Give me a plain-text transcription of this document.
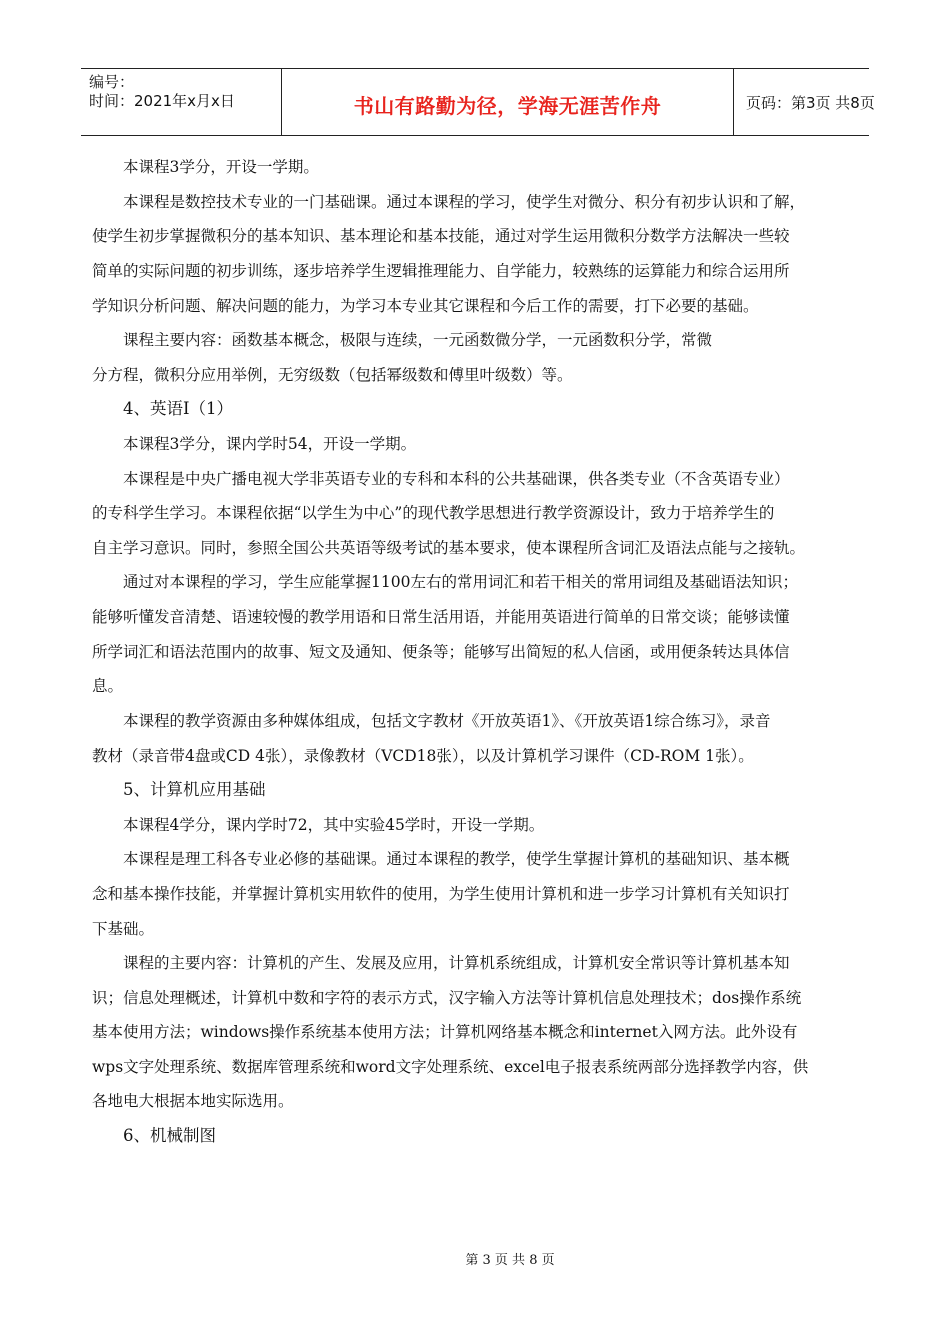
编号：
时间：2021年x月x日	书山有路勤为径，学海无涯苦作舟	页码：第3页 共8页
本课程3学分，开设一学期。
本课程是数控技术专业的一门基础课。通过本课程的学习，使学生对微分、积分有初步认识和了解，
使学生初步掌握微积分的基本知识、基本理论和基本技能，通过对学生运用微积分数学方法解决一些较
简单的实际问题的初步训练，逐步培养学生逻辑推理能力、自学能力，较熟练的运算能力和综合运用所
学知识分析问题、解决问题的能力，为学习本专业其它课程和今后工作的需要，打下必要的基础。
课程主要内容：函数基本概念，极限与连续，一元函数微分学，一元函数积分学，常微
分方程，微积分应用举例，无穷级数（包括幂级数和傅里叶级数）等。
4、英语Ⅰ（1）
本课程3学分，课内学时54，开设一学期。
本课程是中央广播电视大学非英语专业的专科和本科的公共基础课，供各类专业（不含英语专业）
的专科学生学习。本课程依据“以学生为中心”的现代教学思想进行教学资源设计，致力于培养学生的
自主学习意识。同时，参照全国公共英语等级考试的基本要求，使本课程所含词汇及语法点能与之接轨。
通过对本课程的学习，学生应能掌握1100左右的常用词汇和若干相关的常用词组及基础语法知识；
能够听懂发音清楚、语速较慢的教学用语和日常生活用语，并能用英语进行简单的日常交谈；能够读懂
所学词汇和语法范围内的故事、短文及通知、便条等；能够写出简短的私人信函，或用便条转达具体信
息。
本课程的教学资源由多种媒体组成，包括文字教材《开放英语1》、《开放英语1综合练习》，录音
教材（录音带4盘或CD 4张），录像教材（VCD18张），以及计算机学习课件（CD-ROM 1张）。
5、计算机应用基础
本课程4学分，课内学时72，其中实验45学时，开设一学期。
本课程是理工科各专业必修的基础课。通过本课程的教学，使学生掌握计算机的基础知识、基本概
念和基本操作技能，并掌握计算机实用软件的使用，为学生使用计算机和进一步学习计算机有关知识打
下基础。
课程的主要内容：计算机的产生、发展及应用，计算机系统组成，计算机安全常识等计算机基本知
识；信息处理概述，计算机中数和字符的表示方式，汉字输入方法等计算机信息处理技术；dos操作系统
基本使用方法；windows操作系统基本使用方法；计算机网络基本概念和internet入网方法。此外设有
wps文字处理系统、数据库管理系统和word文字处理系统、excel电子报表系统两部分选择教学内容，供
各地电大根据本地实际选用。
6、机械制图
第 3 页 共 8 页
